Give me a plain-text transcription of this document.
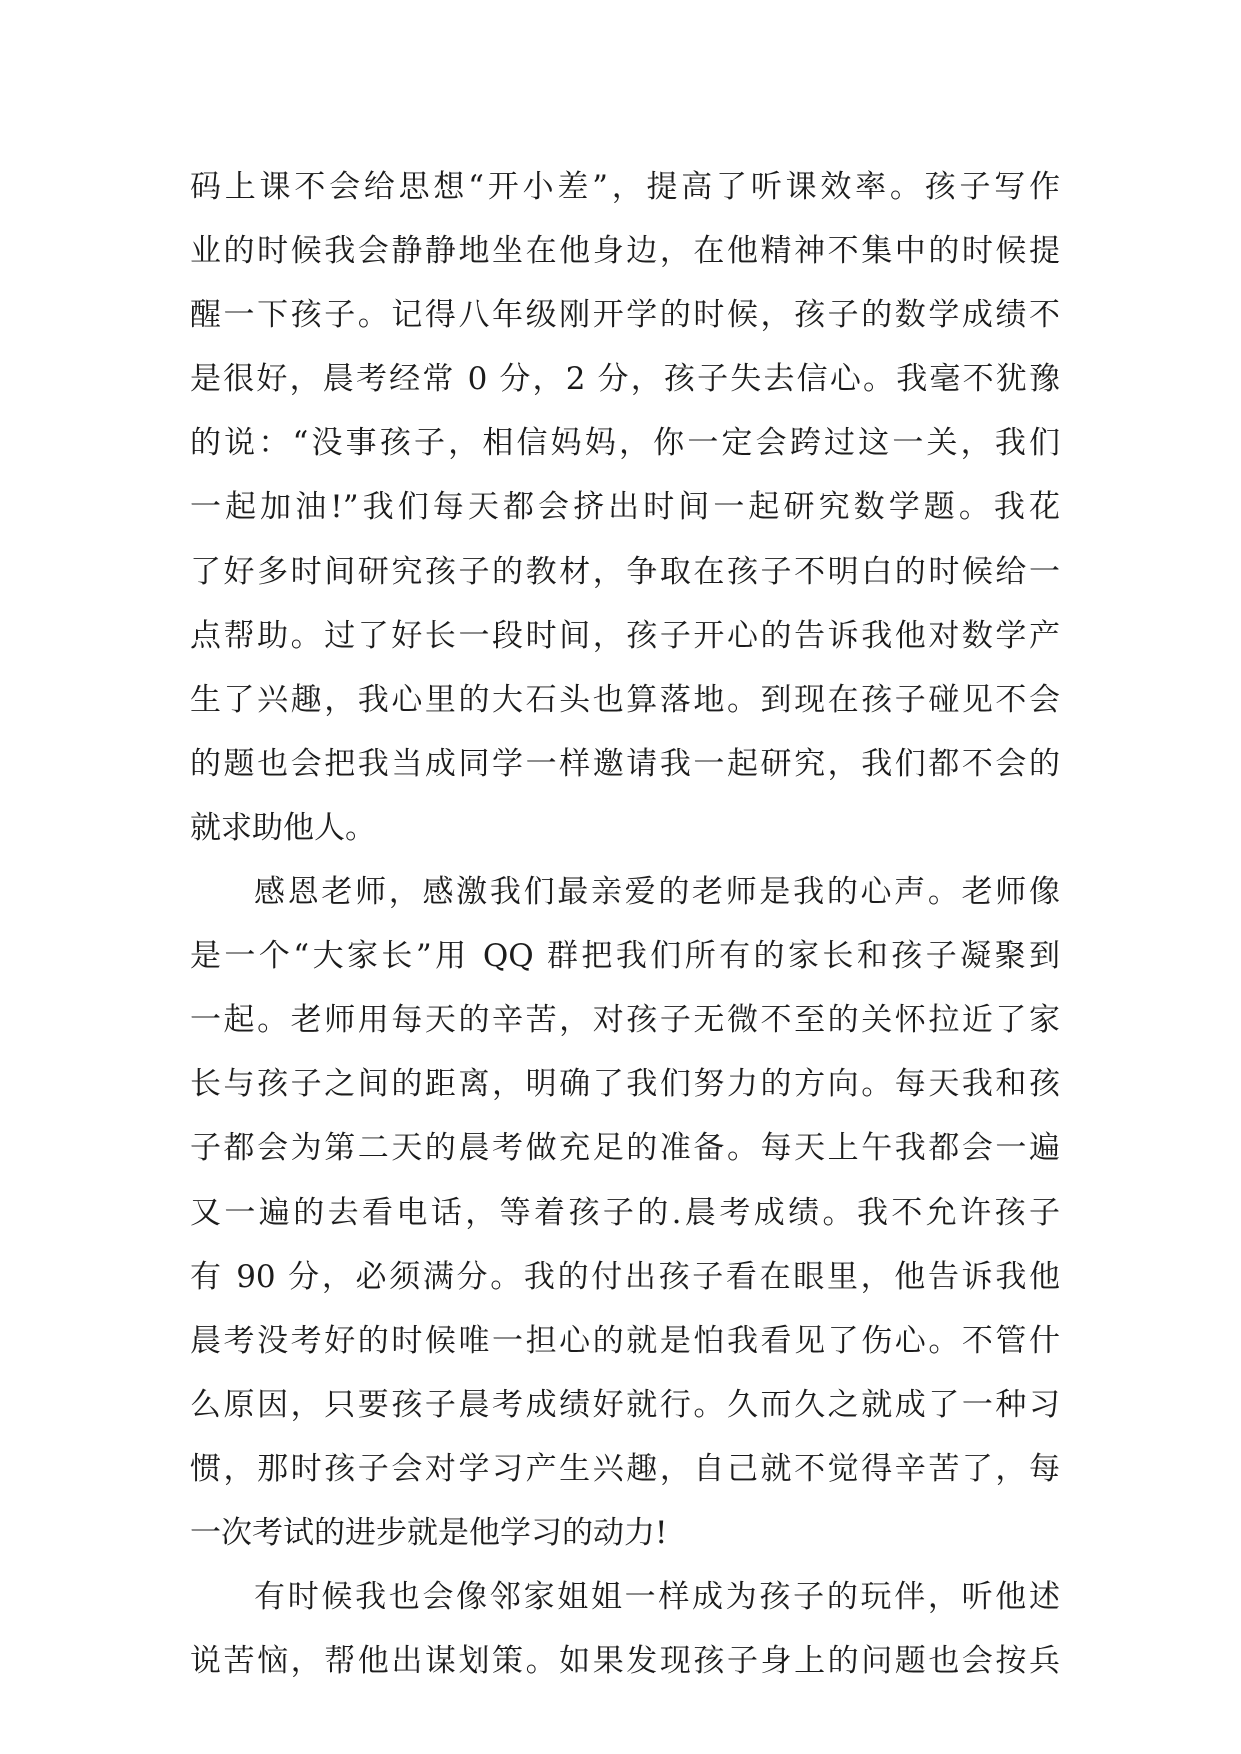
码上课不会给思想“开小差”，提高了听课效率。孩子写作
业的时候我会静静地坐在他身边，在他精神不集中的时候提
醒一下孩子。记得八年级刚开学的时候，孩子的数学成绩不
是很好，晨考经常 0 分，2 分，孩子失去信心。我毫不犹豫
的说：“没事孩子，相信妈妈，你一定会跨过这一关，我们
一起加油!”我们每天都会挤出时间一起研究数学题。我花
了好多时间研究孩子的教材，争取在孩子不明白的时候给一
点帮助。过了好长一段时间，孩子开心的告诉我他对数学产
生了兴趣，我心里的大石头也算落地。到现在孩子碰见不会
的题也会把我当成同学一样邀请我一起研究，我们都不会的
就求助他人。
感恩老师，感激我们最亲爱的老师是我的心声。老师像
是一个“大家长”用 QQ 群把我们所有的家长和孩子凝聚到
一起。老师用每天的辛苦，对孩子无微不至的关怀拉近了家
长与孩子之间的距离，明确了我们努力的方向。每天我和孩
子都会为第二天的晨考做充足的准备。每天上午我都会一遍
又一遍的去看电话，等着孩子的.晨考成绩。我不允许孩子
有 90 分，必须满分。我的付出孩子看在眼里，他告诉我他
晨考没考好的时候唯一担心的就是怕我看见了伤心。不管什
么原因，只要孩子晨考成绩好就行。久而久之就成了一种习
惯，那时孩子会对学习产生兴趣，自己就不觉得辛苦了，每
一次考试的进步就是他学习的动力!
有时候我也会像邻家姐姐一样成为孩子的玩伴，听他述
说苦恼，帮他出谋划策。如果发现孩子身上的问题也会按兵
